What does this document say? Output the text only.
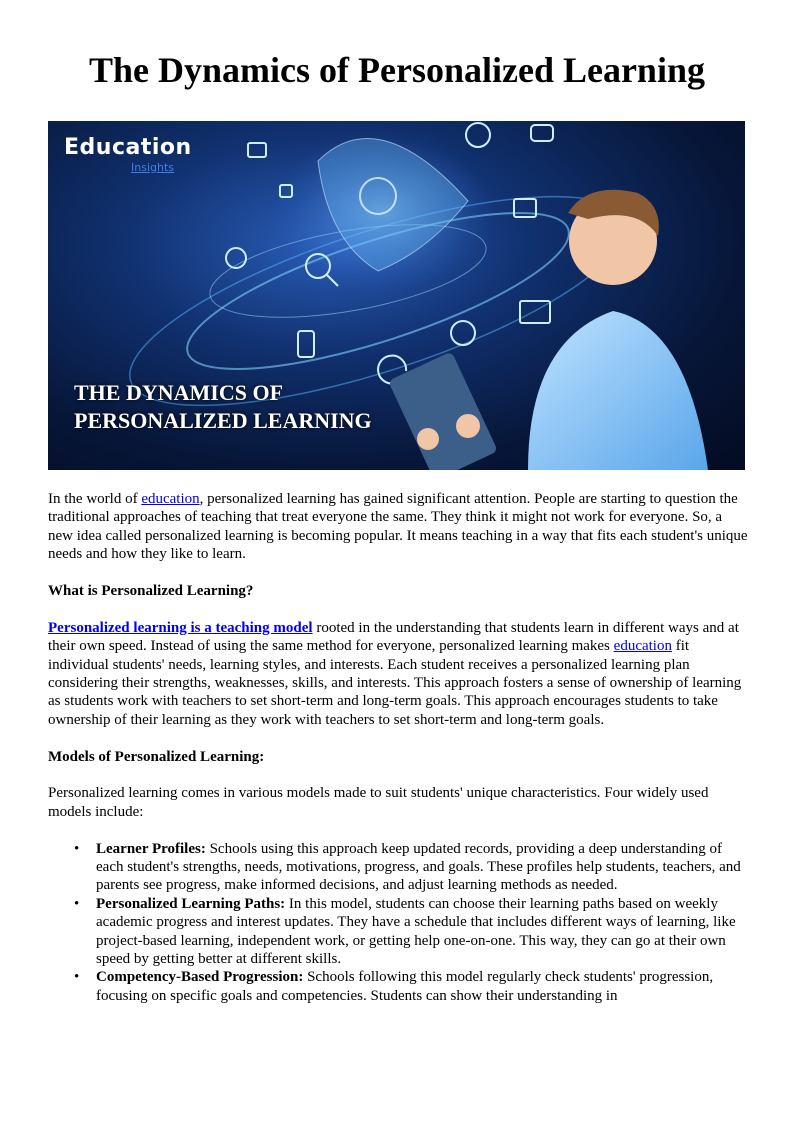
The Dynamics of Personalized Learning
Education
Insights
THE DYNAMICS OF
PERSONALIZED LEARNING

In the world of education, personalized learning has gained significant attention. People are starting to question the traditional approaches of teaching that treat everyone the same. They think it might not work for everyone. So, a new idea called personalized learning is becoming popular. It means teaching in a way that fits each student's unique needs and how they like to learn.

What is Personalized Learning?

Personalized learning is a teaching model rooted in the understanding that students learn in different ways and at their own speed. Instead of using the same method for everyone, personalized learning makes education fit individual students' needs, learning styles, and interests. Each student receives a personalized learning plan considering their strengths, weaknesses, skills, and interests. This approach fosters a sense of ownership of learning as students work with teachers to set short-term and long-term goals. This approach encourages students to take ownership of their learning as they work with teachers to set short-term and long-term goals.

Models of Personalized Learning:

Personalized learning comes in various models made to suit students' unique characteristics. Four widely used models include:

• Learner Profiles: Schools using this approach keep updated records, providing a deep understanding of each student's strengths, needs, motivations, progress, and goals. These profiles help students, teachers, and parents see progress, make informed decisions, and adjust learning methods as needed.
• Personalized Learning Paths: In this model, students can choose their learning paths based on weekly academic progress and interest updates. They have a schedule that includes different ways of learning, like project-based learning, independent work, or getting help one-on-one. This way, they can go at their own speed by getting better at different skills.
• Competency-Based Progression: Schools following this model regularly check students' progression, focusing on specific goals and competencies. Students can show their understanding in
